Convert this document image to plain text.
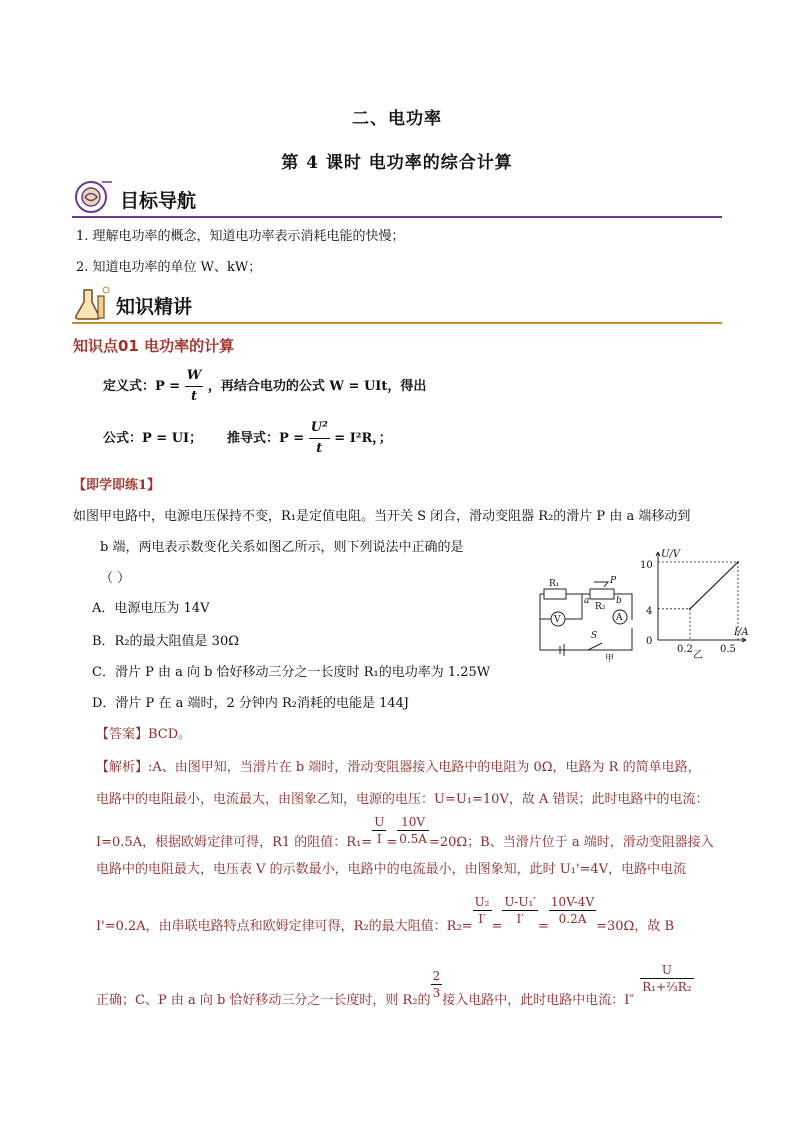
二、电功率
第 4 课时 电功率的综合计算
目标导航
1. 理解电功率的概念，知道电功率表示消耗电能的快慢；
2. 知道电功率的单位 W、kW；
知识精讲
知识点01 电功率的计算
定义式：$P = \frac{W}{t}$ ，再结合电功的公式 W = UIt，得出
公式：P = UI； 推导式：$P = \frac{\text{U²}}{t} = I^2R$，；
【即学即练1】
如图甲电路中，电源电压保持不变，R₁是定值电阻。当开关 S 闭合，滑动变阻器 R₂的滑片 P 由 a 端移动到
b 端，两电表示数变化关系如图乙所示，则下列说法中正确的是
（ ）
A．电源电压为 14V
B．R₂的最大阻值是 30Ω
C．滑片 P 由 a 向 b 恰好移动三分之一长度时 R₁的电功率为 1.25W
D．滑片 P 在 a 端时，2 分钟内 R₂消耗的电能是 144J
R₁
a
R₂
b
P
V	A
S
甲
U/V
I/A
10
4
0
0.2	0.5
乙
【答案】BCD。
【解析】:A、由图甲知，当滑片在 b 端时，滑动变阻器接入电路中的电阻为 0Ω，电路为 R 的简单电路，
电路中的电阻最小，电流最大，由图象乙知，电源的电压：U=U₁=10V，故 A 错误；此时电路中的电流：
I=0.5A，根据欧姆定律可得，R1 的阻值：$R_1= \frac{U}{I} = \frac{10V}{0.5A} =20\Omega$；B、当滑片位于 a 端时，滑动变阻器接入
电路中的电阻最大，电压表 V 的示数最小，电路中的电流最小，由图象知，此时 U₁'=4V，电路中电流
I'=0.2A，由串联电路特点和欧姆定律可得，R₂的最大阻值：$R_2= \frac{\text{U₂}}{I'} = \frac{\text{U-U₁′}}{I'} = \frac{10V-4V}{0.2A} =30\Omega$，故 B
正确；C、P 由 a 向 b 恰好移动三分之一长度时，则 R₂的 $\frac{2}{3}$ 接入电路中，此时电路中电流：I″
$\frac{U}{\text{R₁+⅔R₂}}$
